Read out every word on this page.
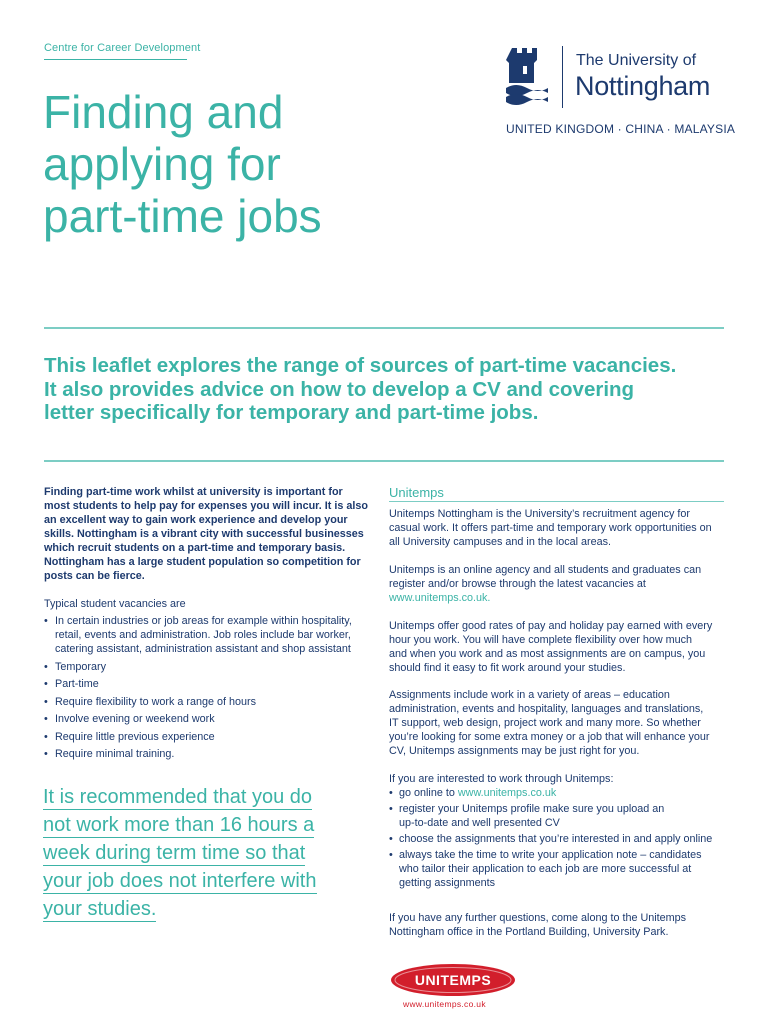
Centre for Career Development
Finding and
applying for
part-time jobs
The University of
Nottingham
UNITED KINGDOM · CHINA · MALAYSIA
This leaflet explores the range of sources of part-time vacancies.
It also provides advice on how to develop a CV and covering
letter specifically for temporary and part-time jobs.
Finding part-time work whilst at university is important for
most students to help pay for expenses you will incur. It is also
an excellent way to gain work experience and develop your
skills. Nottingham is a vibrant city with successful businesses
which recruit students on a part-time and temporary basis.
Nottingham has a large student population so competition for
posts can be fierce.
Typical student vacancies are
• In certain industries or job areas for example within hospitality,
retail, events and administration. Job roles include bar worker,
catering assistant, administration assistant and shop assistant
• Temporary
• Part-time
• Require flexibility to work a range of hours
• Involve evening or weekend work
• Require little previous experience
• Require minimal training.
It is recommended that you do
not work more than 16 hours a
week during term time so that
your job does not interfere with
your studies.
Unitemps
Unitemps Nottingham is the University’s recruitment agency for
casual work. It offers part-time and temporary work opportunities on
all University campuses and in the local areas.
Unitemps is an online agency and all students and graduates can
register and/or browse through the latest vacancies at
www.unitemps.co.uk.
Unitemps offer good rates of pay and holiday pay earned with every
hour you work. You will have complete flexibility over how much
and when you work and as most assignments are on campus, you
should find it easy to fit work around your studies.
Assignments include work in a variety of areas – education
administration, events and hospitality, languages and translations,
IT support, web design, project work and many more. So whether
you’re looking for some extra money or a job that will enhance your
CV, Unitemps assignments may be just right for you.
If you are interested to work through Unitemps:
• go online to www.unitemps.co.uk
• register your Unitemps profile make sure you upload an
up-to-date and well presented CV
• choose the assignments that you’re interested in and apply online
• always take the time to write your application note – candidates
who tailor their application to each job are more successful at
getting assignments
If you have any further questions, come along to the Unitemps
Nottingham office in the Portland Building, University Park.
UNITEMPS
www.unitemps.co.uk
